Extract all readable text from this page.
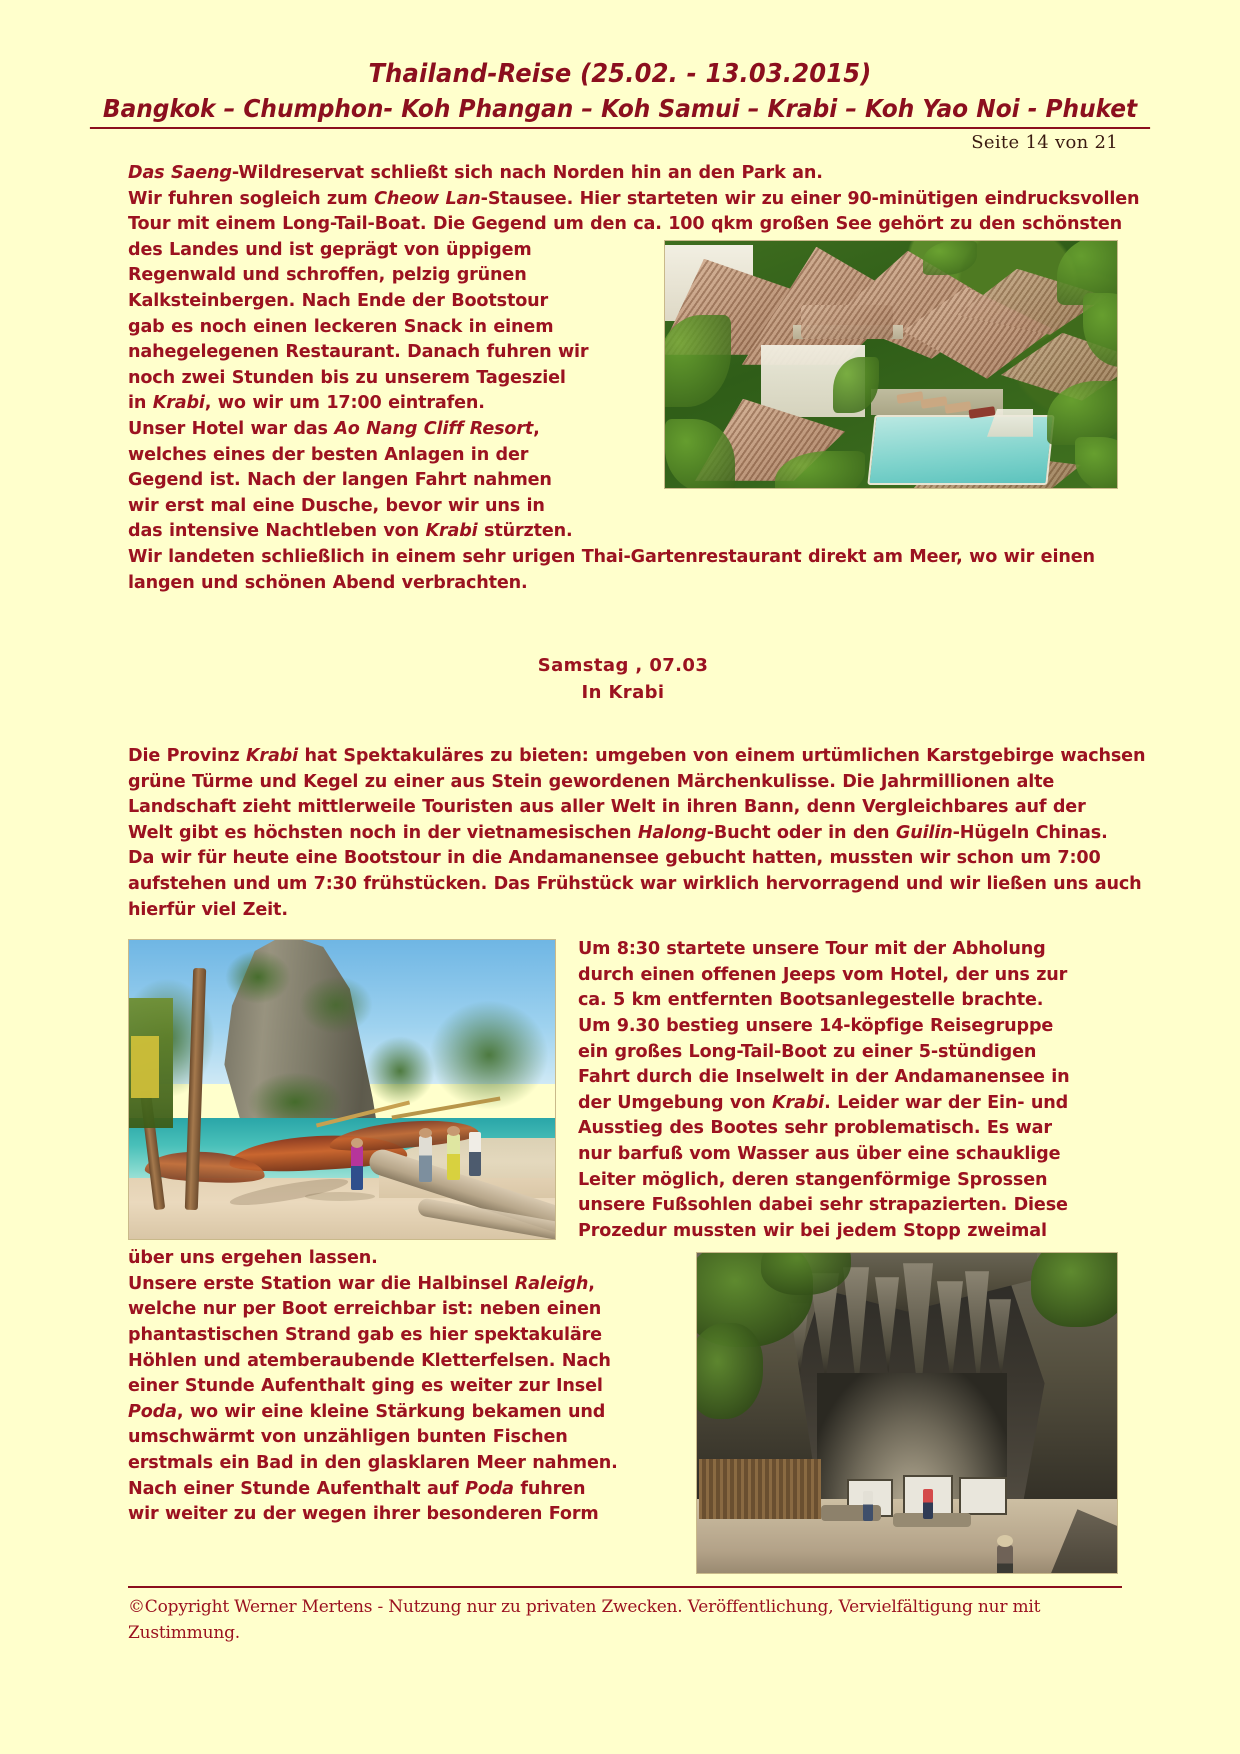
Thailand-Reise (25.02. - 13.03.2015)
Bangkok – Chumphon- Koh Phangan – Koh Samui – Krabi – Koh Yao Noi - Phuket
Seite 14 von 21
Das Saeng-Wildreservat schließt sich nach Norden hin an den Park an.
Wir fuhren sogleich zum Cheow Lan-Stausee. Hier starteten wir zu einer 90-minütigen eindrucksvollen
Tour mit einem Long-Tail-Boat. Die Gegend um den ca. 100 qkm großen See gehört zu den schönsten
des Landes und ist geprägt von üppigem
Regenwald und schroffen, pelzig grünen
Kalksteinbergen. Nach Ende der Bootstour
gab es noch einen leckeren Snack in einem
nahegelegenen Restaurant. Danach fuhren wir
noch zwei Stunden bis zu unserem Tagesziel
in Krabi, wo wir um 17:00 eintrafen.
Unser Hotel war das Ao Nang Cliff Resort,
welches eines der besten Anlagen in der
Gegend ist. Nach der langen Fahrt nahmen
wir erst mal eine Dusche, bevor wir uns in
das intensive Nachtleben von Krabi stürzten.
Wir landeten schließlich in einem sehr urigen Thai-Gartenrestaurant direkt am Meer, wo wir einen
langen und schönen Abend verbrachten.
Samstag , 07.03
In Krabi
Die Provinz Krabi hat Spektakuläres zu bieten: umgeben von einem urtümlichen Karstgebirge wachsen
grüne Türme und Kegel zu einer aus Stein gewordenen Märchenkulisse. Die Jahrmillionen alte
Landschaft zieht mittlerweile Touristen aus aller Welt in ihren Bann, denn Vergleichbares auf der
Welt gibt es höchsten noch in der vietnamesischen Halong-Bucht oder in den Guilin-Hügeln Chinas.
Da wir für heute eine Bootstour in die Andamanensee gebucht hatten, mussten wir schon um 7:00
aufstehen und um 7:30 frühstücken. Das Frühstück war wirklich hervorragend und wir ließen uns auch
hierfür viel Zeit.
Um 8:30 startete unsere Tour mit der Abholung
durch einen offenen Jeeps vom Hotel, der uns zur
ca. 5 km entfernten Bootsanlegestelle brachte.
Um 9.30 bestieg unsere 14-köpfige Reisegruppe
ein großes Long-Tail-Boot zu einer 5-stündigen
Fahrt durch die Inselwelt in der Andamanensee in
der Umgebung von Krabi. Leider war der Ein- und
Ausstieg des Bootes sehr problematisch. Es war
nur barfuß vom Wasser aus über eine schauklige
Leiter möglich, deren stangenförmige Sprossen
unsere Fußsohlen dabei sehr strapazierten. Diese
Prozedur mussten wir bei jedem Stopp zweimal
über uns ergehen lassen.
Unsere erste Station war die Halbinsel Raleigh,
welche nur per Boot erreichbar ist: neben einen
phantastischen Strand gab es hier spektakuläre
Höhlen und atemberaubende Kletterfelsen. Nach
einer Stunde Aufenthalt ging es weiter zur Insel
Poda, wo wir eine kleine Stärkung bekamen und
umschwärmt von unzähligen bunten Fischen
erstmals ein Bad in den glasklaren Meer nahmen.
Nach einer Stunde Aufenthalt auf Poda fuhren
wir weiter zu der wegen ihrer besonderen Form
©Copyright Werner Mertens - Nutzung nur zu privaten Zwecken. Veröffentlichung, Vervielfältigung nur mit
Zustimmung.
